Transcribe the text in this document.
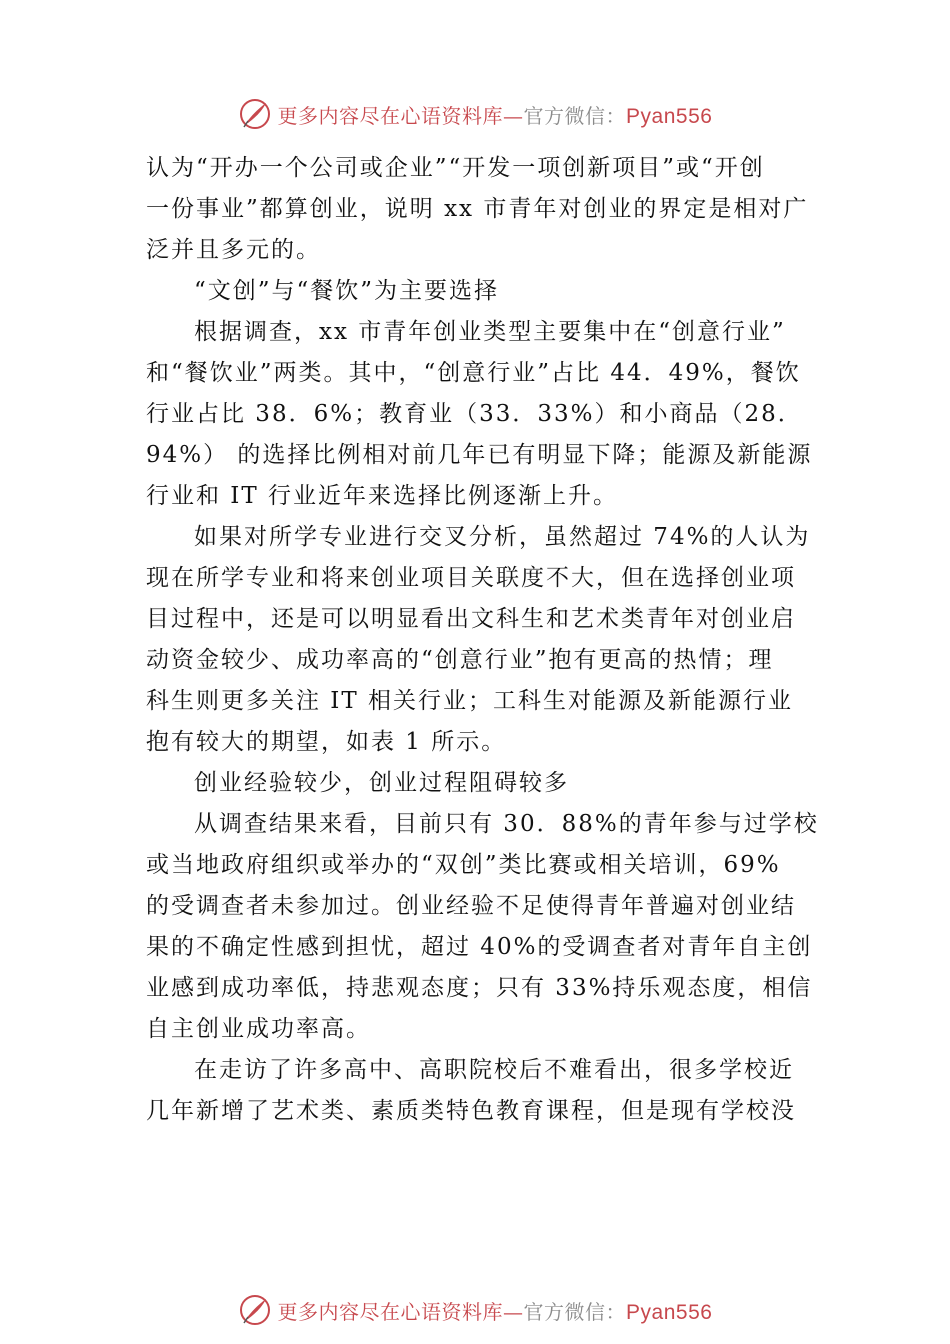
更多内容尽在心语资料库—官方微信：Pyan556
认为“开办一个公司或企业”“开发一项创新项目”或“开创
一份事业”都算创业，说明 xx 市青年对创业的界定是相对广
泛并且多元的。
“文创”与“餐饮”为主要选择
根据调查，xx 市青年创业类型主要集中在“创意行业”
和“餐饮业”两类。其中，“创意行业”占比 44．49%，餐饮
行业占比 38．6%；教育业（33．33%）和小商品（28．
94%） 的选择比例相对前几年已有明显下降；能源及新能源
行业和 IT 行业近年来选择比例逐渐上升。
如果对所学专业进行交叉分析，虽然超过 74%的人认为
现在所学专业和将来创业项目关联度不大，但在选择创业项
目过程中，还是可以明显看出文科生和艺术类青年对创业启
动资金较少、成功率高的“创意行业”抱有更高的热情；理
科生则更多关注 IT 相关行业；工科生对能源及新能源行业
抱有较大的期望，如表 1 所示。
创业经验较少，创业过程阻碍较多
从调查结果来看，目前只有 30．88%的青年参与过学校
或当地政府组织或举办的“双创”类比赛或相关培训，69%
的受调查者未参加过。创业经验不足使得青年普遍对创业结
果的不确定性感到担忧，超过 40%的受调查者对青年自主创
业感到成功率低，持悲观态度；只有 33%持乐观态度，相信
自主创业成功率高。
在走访了许多高中、高职院校后不难看出，很多学校近
几年新增了艺术类、素质类特色教育课程，但是现有学校没
更多内容尽在心语资料库—官方微信：Pyan556
